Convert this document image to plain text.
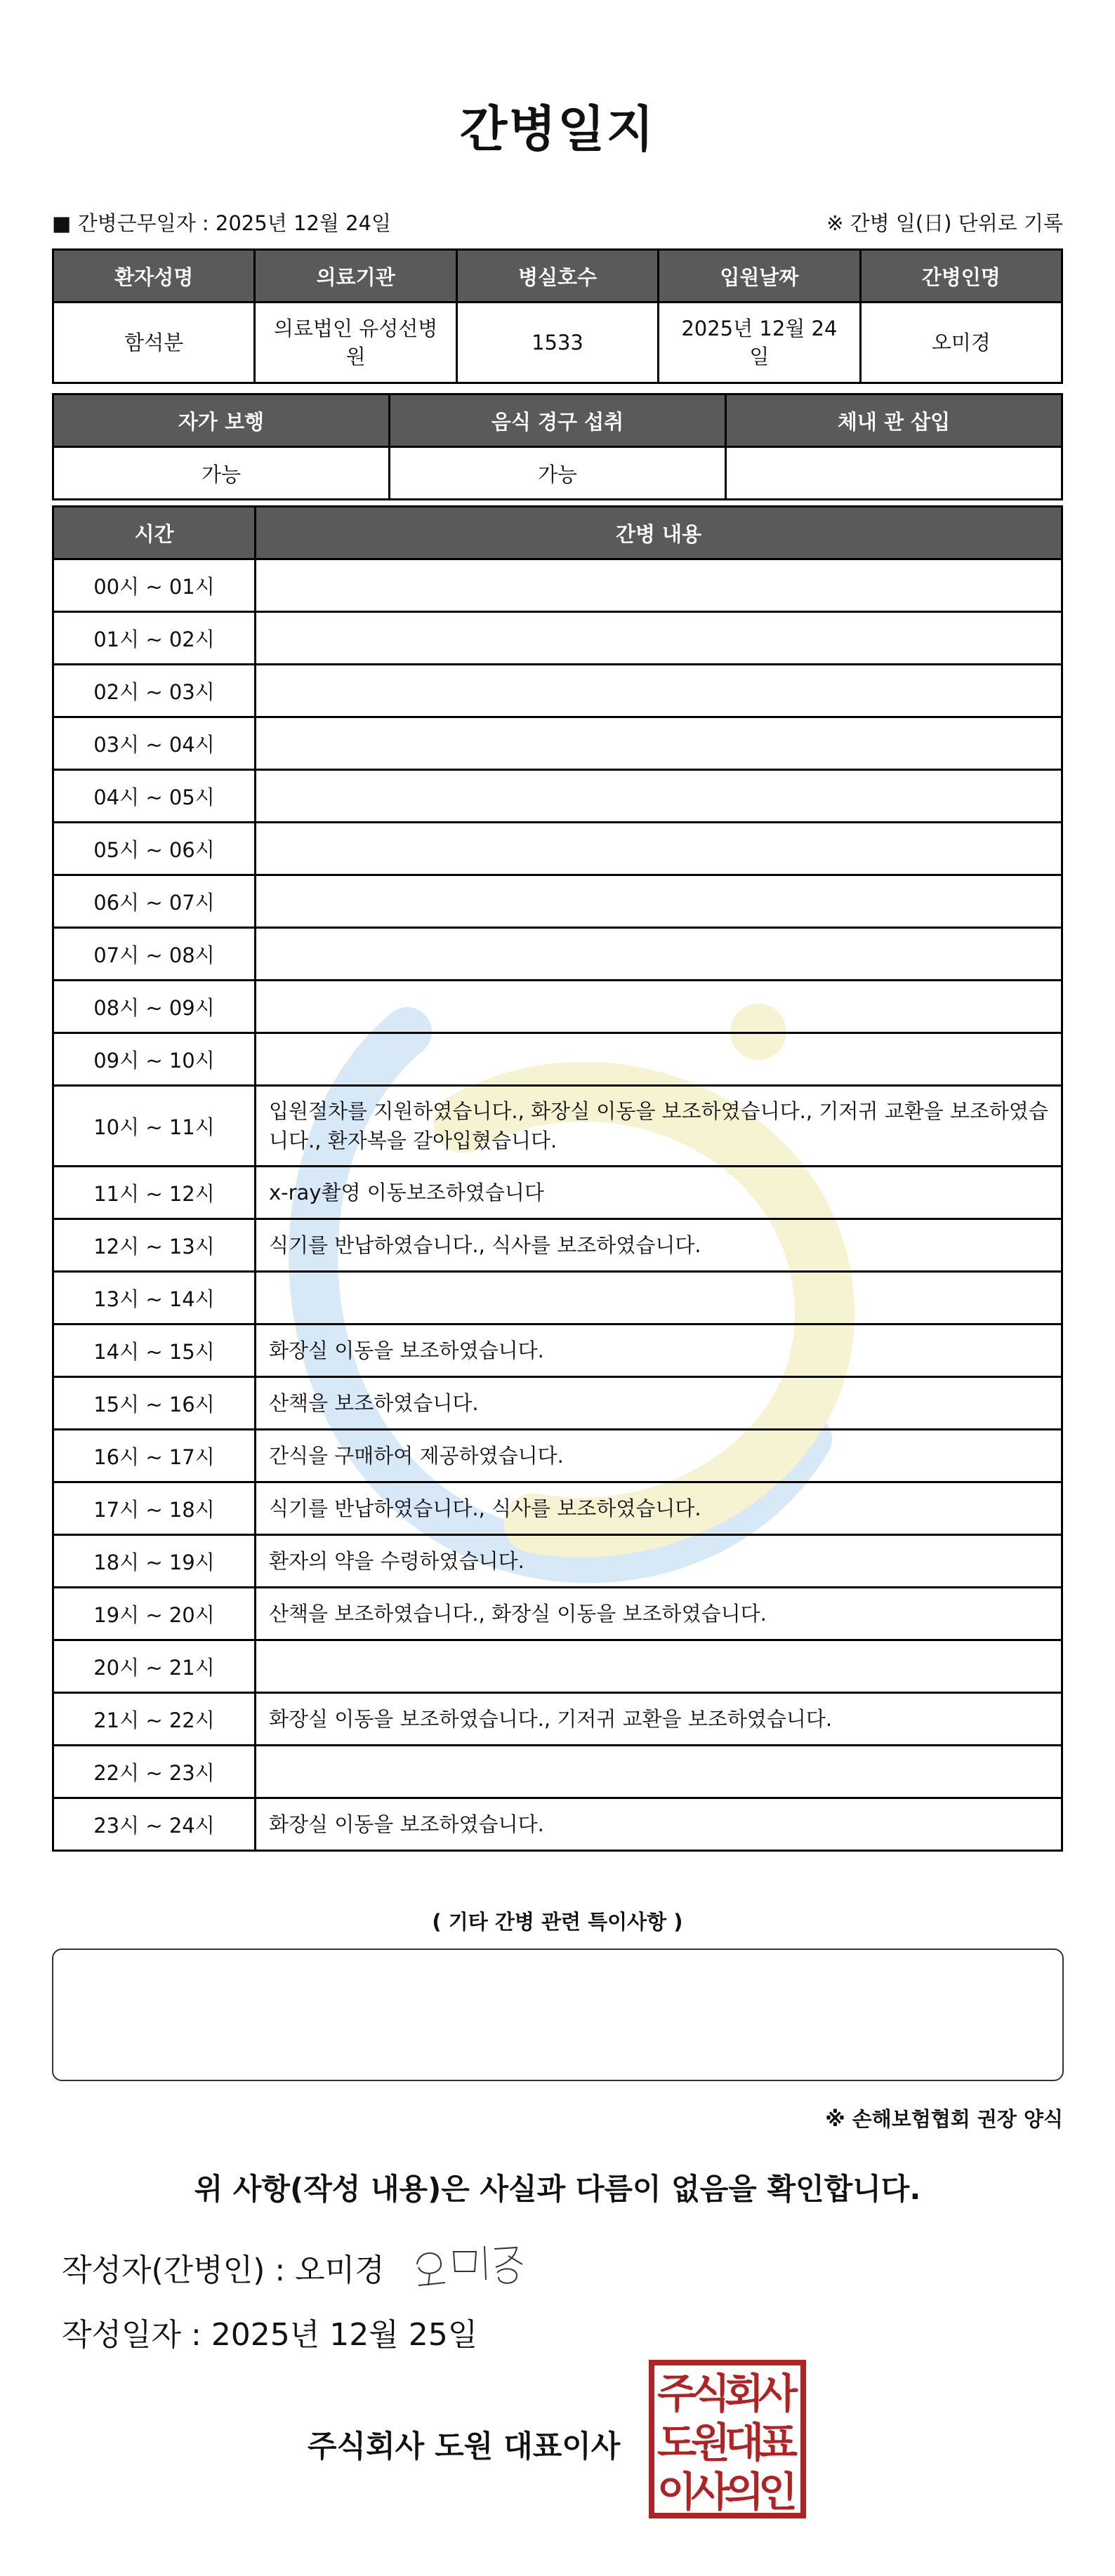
간병일지
■ 간병근무일자 : 2025년 12월 24일	※ 간병 일(日) 단위로 기록
환자성명	의료기관	병실호수	입원날짜	간병인명
함석분	의료법인 유성선병원	1533	2025년 12월 24일	오미경
자가 보행	음식 경구 섭취	체내 관 삽입
가능	가능	
시간	간병 내용
00시 ~ 01시	
01시 ~ 02시	
02시 ~ 03시	
03시 ~ 04시	
04시 ~ 05시	
05시 ~ 06시	
06시 ~ 07시	
07시 ~ 08시	
08시 ~ 09시	
09시 ~ 10시	
10시 ~ 11시	입원절차를 지원하였습니다., 화장실 이동을 보조하였습니다., 기저귀 교환을 보조하였습니다., 환자복을 갈아입혔습니다.
11시 ~ 12시	x-ray촬영 이동보조하였습니다
12시 ~ 13시	식기를 반납하였습니다., 식사를 보조하였습니다.
13시 ~ 14시	
14시 ~ 15시	화장실 이동을 보조하였습니다.
15시 ~ 16시	산책을 보조하였습니다.
16시 ~ 17시	간식을 구매하여 제공하였습니다.
17시 ~ 18시	식기를 반납하였습니다., 식사를 보조하였습니다.
18시 ~ 19시	환자의 약을 수령하였습니다.
19시 ~ 20시	산책을 보조하였습니다., 화장실 이동을 보조하였습니다.
20시 ~ 21시	
21시 ~ 22시	화장실 이동을 보조하였습니다., 기저귀 교환을 보조하였습니다.
22시 ~ 23시	
23시 ~ 24시	화장실 이동을 보조하였습니다.
( 기타 간병 관련 특이사항 )
※ 손해보험협회 권장 양식
위 사항(작성 내용)은 사실과 다름이 없음을 확인합니다.
작성자(간병인) : 오미경
작성일자 : 2025년 12월 25일
주식회사 도원 대표이사
주
식
회
사
도
원
대
표
이
사
의
인
